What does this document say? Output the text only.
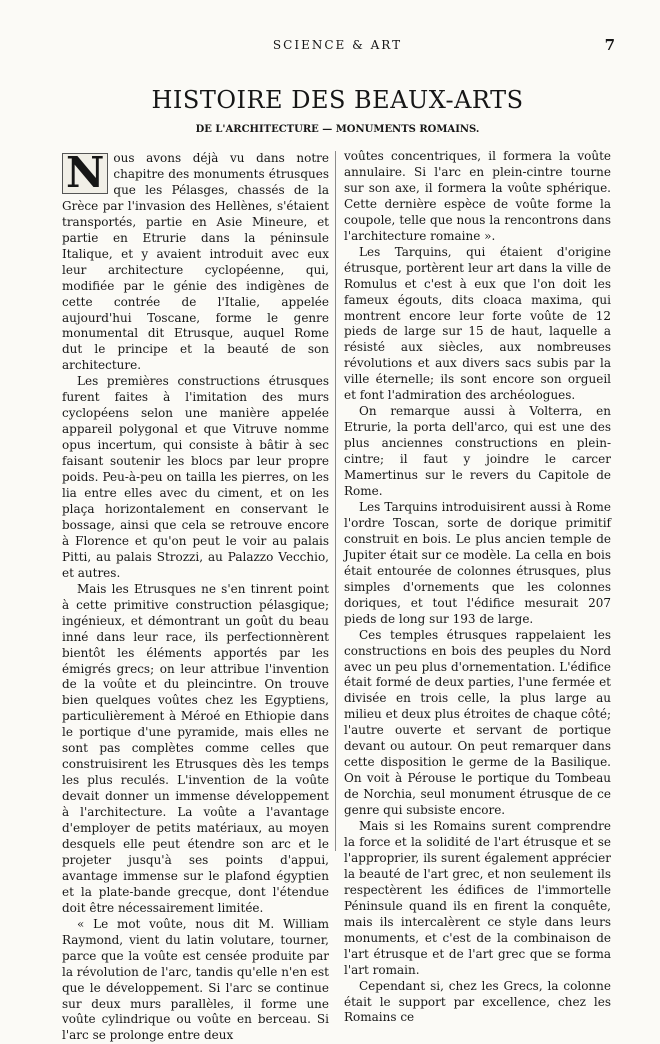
SCIENCE & ART	7
HISTOIRE DES BEAUX-ARTS
DE L'ARCHITECTURE — MONUMENTS ROMAINS.

N ous avons déjà vu dans notre chapitre des monuments étrusques que les Pélasges, chassés de la Grèce par l'invasion des Hellènes, s'étaient transportés, partie en Asie Mineure, et partie en Etrurie dans la péninsule Italique, et y avaient introduit avec eux leur architecture cyclopéenne, qui, modifiée par le génie des indigènes de cette contrée de l'Italie, appelée aujourd'hui Toscane, forme le genre monumental dit Etrusque, auquel Rome dut le principe et la beauté de son architecture.

Les premières constructions étrusques furent faites à l'imitation des murs cyclopéens selon une manière appelée appareil polygonal et que Vitruve nomme opus incertum, qui consiste à bâtir à sec faisant soutenir les blocs par leur propre poids. Peu-à-peu on tailla les pierres, on les lia entre elles avec du ciment, et on les plaça horizontalement en conservant le bossage, ainsi que cela se retrouve encore à Florence et qu'on peut le voir au palais Pitti, au palais Strozzi, au Palazzo Vecchio, et autres.

Mais les Etrusques ne s'en tinrent point à cette primitive construction pélasgique; ingénieux, et démontrant un goût du beau inné dans leur race, ils perfectionnèrent bientôt les éléments apportés par les émigrés grecs; on leur attribue l'invention de la voûte et du pleincintre. On trouve bien quelques voûtes chez les Egyptiens, particulièrement à Méroé en Ethiopie dans le portique d'une pyramide, mais elles ne sont pas complètes comme celles que construisirent les Etrusques dès les temps les plus reculés. L'invention de la voûte devait donner un immense développement à l'architecture. La voûte a l'avantage d'employer de petits matériaux, au moyen desquels elle peut étendre son arc et le projeter jusqu'à ses points d'appui, avantage immense sur le plafond égyptien et la plate-bande grecque, dont l'étendue doit être nécessairement limitée.

« Le mot voûte, nous dit M. William Raymond, vient du latin volutare, tourner, parce que la voûte est censée produite par la révolution de l'arc, tandis qu'elle n'en est que le développement. Si l'arc se continue sur deux murs parallèles, il forme une voûte cylindrique ou voûte en berceau. Si l'arc se prolonge entre deux

voûtes concentriques, il formera la voûte annulaire. Si l'arc en plein-cintre tourne sur son axe, il formera la voûte sphérique. Cette dernière espèce de voûte forme la coupole, telle que nous la rencontrons dans l'architecture romaine ».

Les Tarquins, qui étaient d'origine étrusque, portèrent leur art dans la ville de Romulus et c'est à eux que l'on doit les fameux égouts, dits cloaca maxima, qui montrent encore leur forte voûte de 12 pieds de large sur 15 de haut, laquelle a résisté aux siècles, aux nombreuses révolutions et aux divers sacs subis par la ville éternelle; ils sont encore son orgueil et font l'admiration des archéologues.

On remarque aussi à Volterra, en Etrurie, la porta dell'arco, qui est une des plus anciennes constructions en plein-cintre; il faut y joindre le carcer Mamertinus sur le revers du Capitole de Rome.

Les Tarquins introduisirent aussi à Rome l'ordre Toscan, sorte de dorique primitif construit en bois. Le plus ancien temple de Jupiter était sur ce modèle. La cella en bois était entourée de colonnes étrusques, plus simples d'ornements que les colonnes doriques, et tout l'édifice mesurait 207 pieds de long sur 193 de large.

Ces temples étrusques rappelaient les constructions en bois des peuples du Nord avec un peu plus d'ornementation. L'édifice était formé de deux parties, l'une fermée et divisée en trois celle, la plus large au milieu et deux plus étroites de chaque côté; l'autre ouverte et servant de portique devant ou autour. On peut remarquer dans cette disposition le germe de la Basilique. On voit à Pérouse le portique du Tombeau de Norchia, seul monument étrusque de ce genre qui subsiste encore.

Mais si les Romains surent comprendre la force et la solidité de l'art étrusque et se l'approprier, ils surent également apprécier la beauté de l'art grec, et non seulement ils respectèrent les édifices de l'immortelle Péninsule quand ils en firent la conquête, mais ils intercalèrent ce style dans leurs monuments, et c'est de la combinaison de l'art étrusque et de l'art grec que se forma l'art romain.

Cependant si, chez les Grecs, la colonne était le support par excellence, chez les Romains ce
